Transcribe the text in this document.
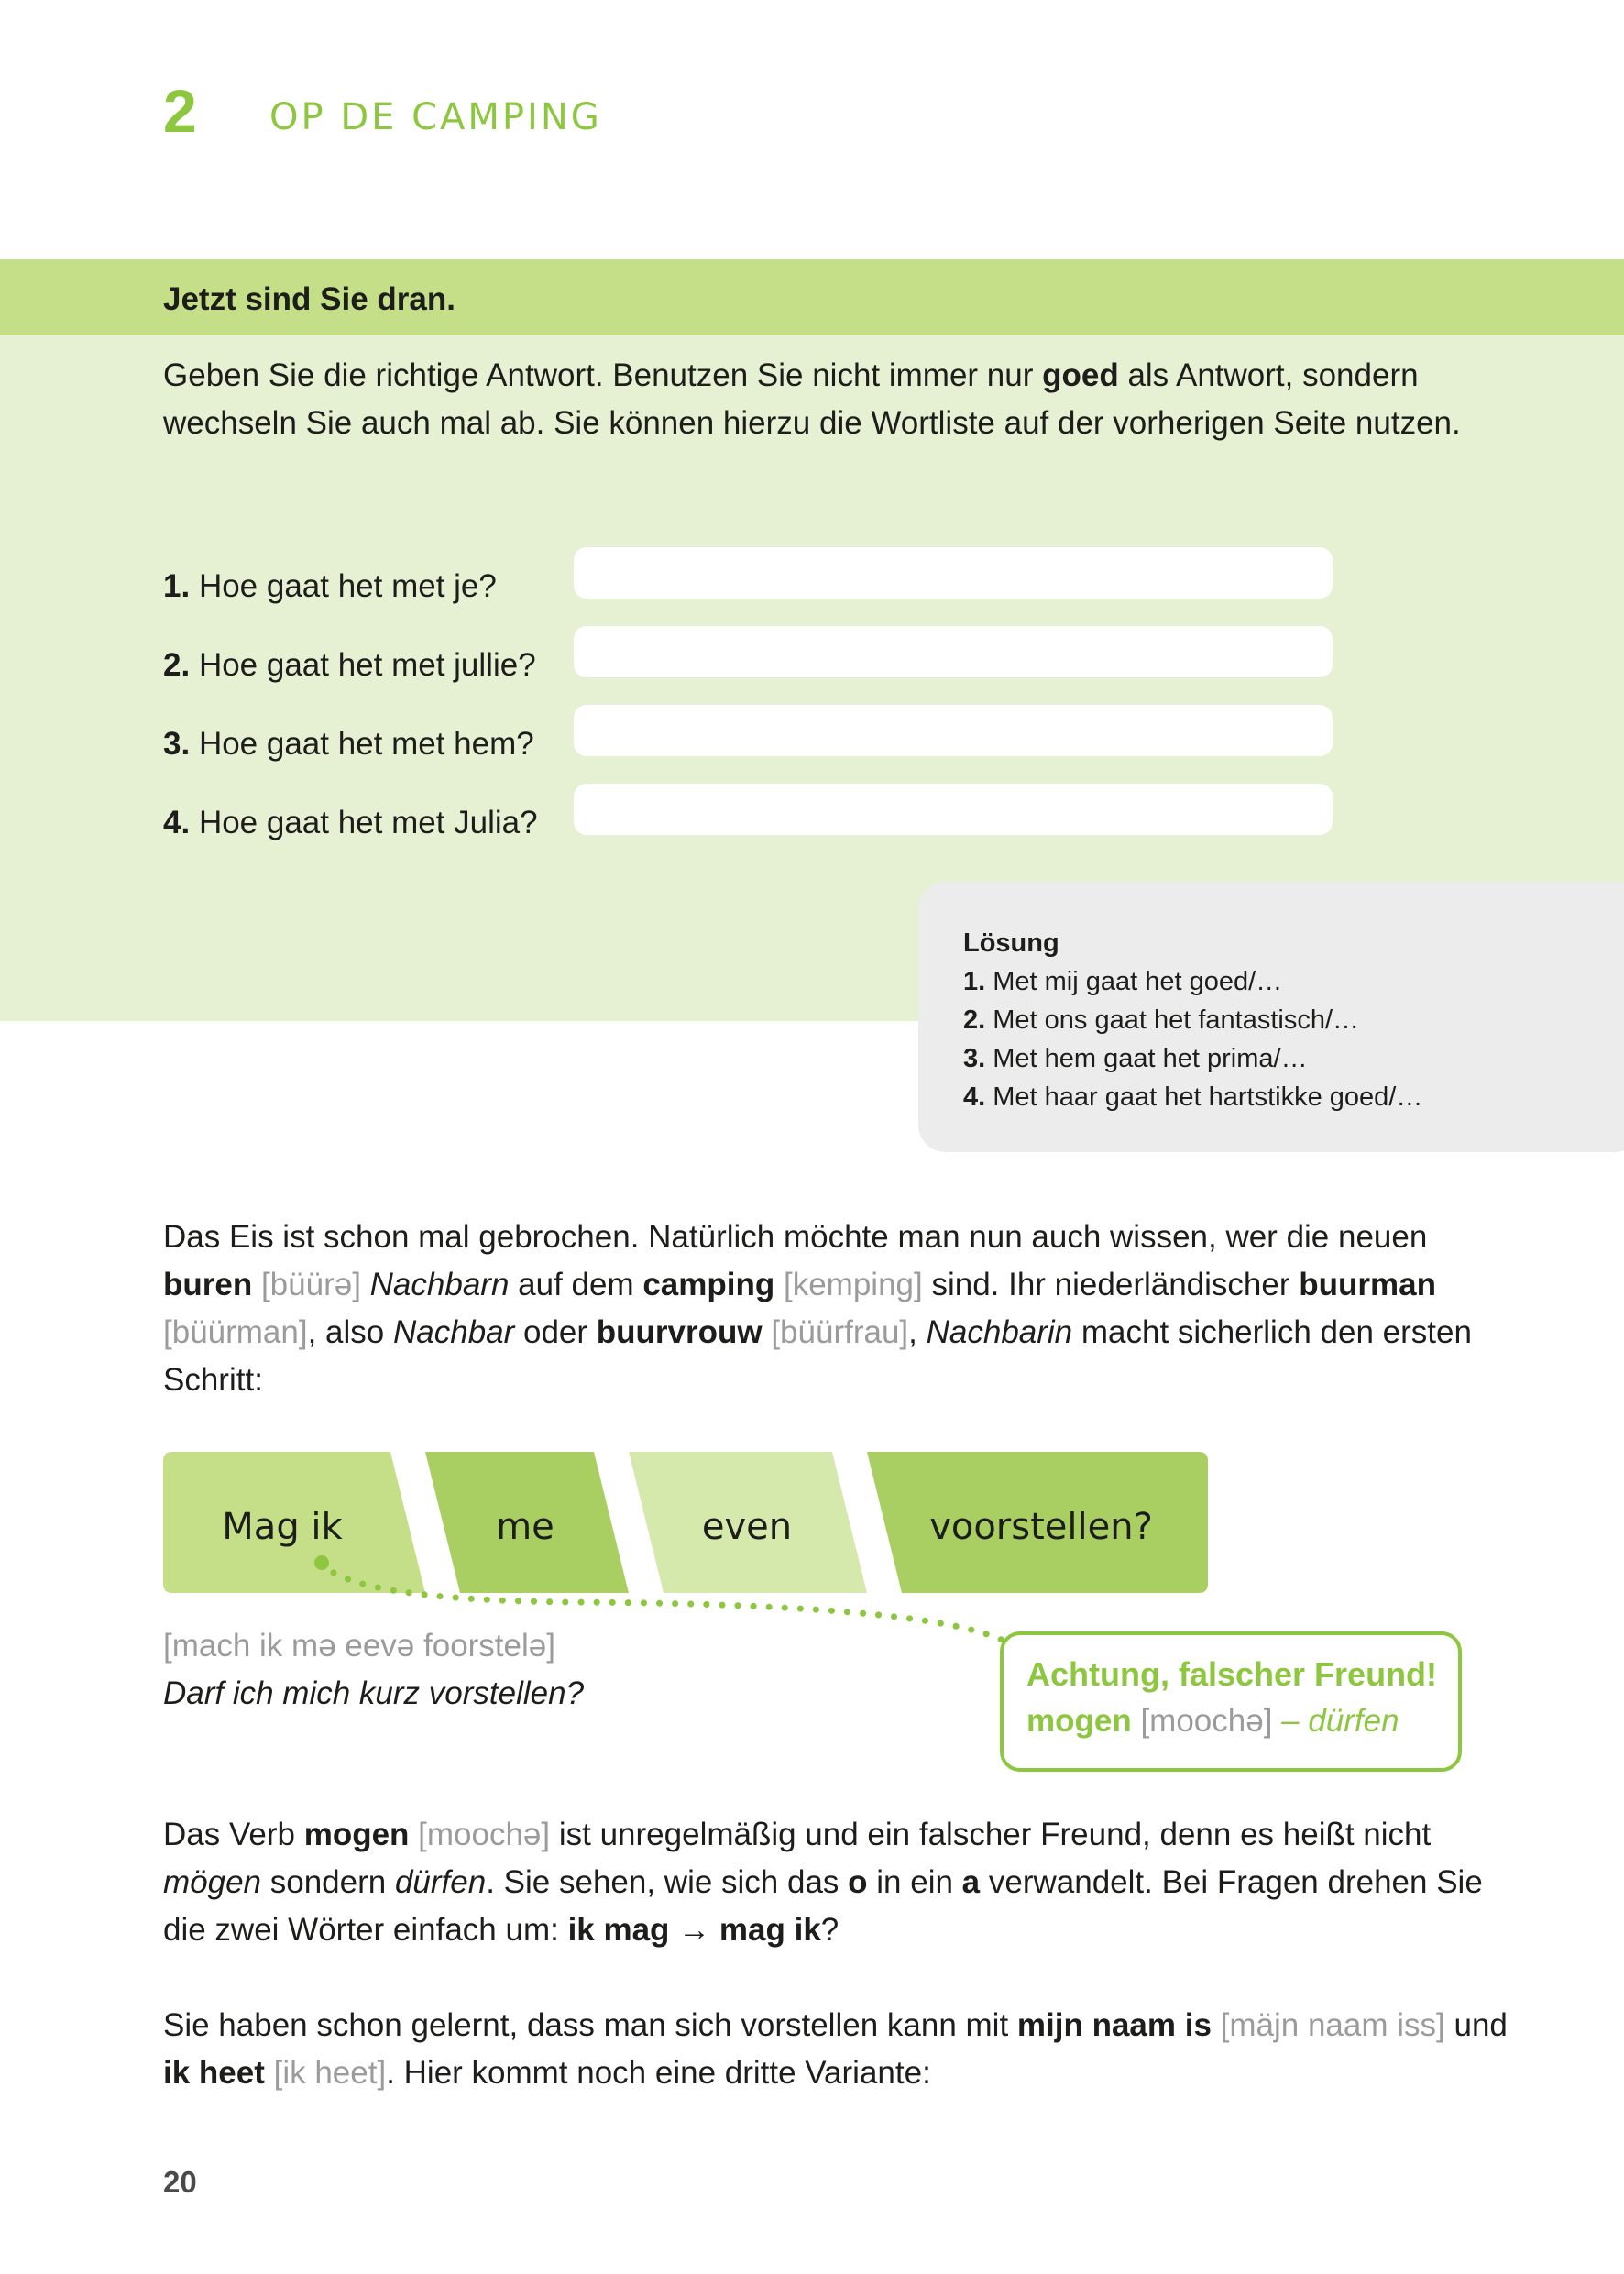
2 OP DE CAMPING
Jetzt sind Sie dran.

Geben Sie die richtige Antwort. Benutzen Sie nicht immer nur goed als Antwort, sondern wechseln Sie auch mal ab. Sie können hierzu die Wortliste auf der vorherigen Seite nutzen.

1. Hoe gaat het met je?
2. Hoe gaat het met jullie?
3. Hoe gaat het met hem?
4. Hoe gaat het met Julia?
Lösung
1. Met mij gaat het goed/…
2. Met ons gaat het fantastisch/…
3. Met hem gaat het prima/…
4. Met haar gaat het hartstikke goed/…

Das Eis ist schon mal gebrochen. Natürlich möchte man nun auch wissen, wer die neuen buren [büürə] Nachbarn auf dem camping [kemping] sind. Ihr niederländischer buurman [büürman], also Nachbar oder buurvrouw [büürfrau], Nachbarin macht sicherlich den ersten Schritt:

Mag ik	me	even	voorstellen?
[mach ik mə eevə foorstelə]
Darf ich mich kurz vorstellen?
Achtung, falscher Freund!
mogen [moochə] – dürfen

Das Verb mogen [moochə] ist unregelmäßig und ein falscher Freund, denn es heißt nicht mögen sondern dürfen. Sie sehen, wie sich das o in ein a verwandelt. Bei Fragen drehen Sie die zwei Wörter einfach um: ik mag → mag ik?

Sie haben schon gelernt, dass man sich vorstellen kann mit mijn naam is [mäjn naam iss] und ik heet [ik heet]. Hier kommt noch eine dritte Variante:

20
